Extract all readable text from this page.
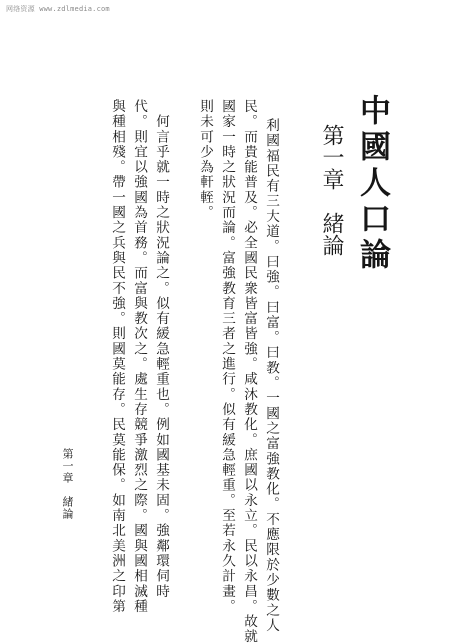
网络资源 www.zdlmedia.com
中國人口論
第一章緒論
利國福民有三大道。曰強。曰富。曰教。一國之富強教化。不應限於少數之人
民。而貴能普及。必全國民衆皆富皆強。咸沐教化。庶國以永立。民以永昌。故就
國家一時之狀況而論。富強教育三者之進行。似有緩急輕重。至若永久計畫。
則未可少為軒輊。
　何言乎就一時之狀況論之。似有緩急輕重也。例如國基未固。強鄰環伺時
代。則宜以強國為首務。而富與教次之。處生存競爭激烈之際。國與國相滅種
與種相殘。帶一國之兵與民不強。則國莫能存。民莫能保。如南北美洲之印第
第一章緒論
